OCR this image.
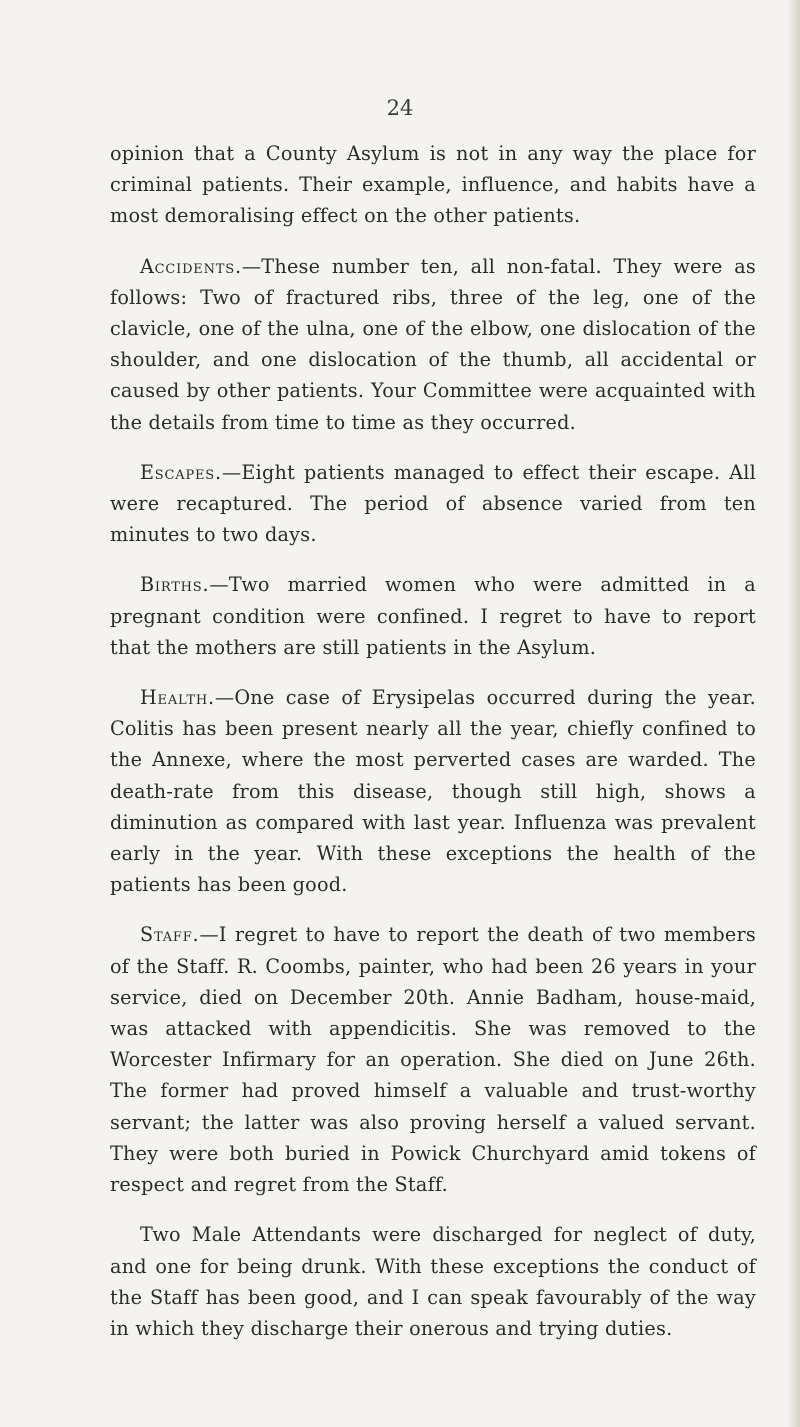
24

opinion that a County Asylum is not in any way the place for criminal patients. Their example, influence, and habits have a most demoralising effect on the other patients.

Accidents.—These number ten, all non-fatal. They were as follows: Two of fractured ribs, three of the leg, one of the clavicle, one of the ulna, one of the elbow, one dislocation of the shoulder, and one dislocation of the thumb, all accidental or caused by other patients. Your Committee were acquainted with the details from time to time as they occurred.

Escapes.—Eight patients managed to effect their escape. All were recaptured. The period of absence varied from ten minutes to two days.

Births.—Two married women who were admitted in a pregnant condition were confined. I regret to have to report that the mothers are still patients in the Asylum.

Health.—One case of Erysipelas occurred during the year. Colitis has been present nearly all the year, chiefly confined to the Annexe, where the most perverted cases are warded. The death-rate from this disease, though still high, shows a diminution as compared with last year. Influenza was prevalent early in the year. With these exceptions the health of the patients has been good.

Staff.—I regret to have to report the death of two members of the Staff. R. Coombs, painter, who had been 26 years in your service, died on December 20th. Annie Badham, house-maid, was attacked with appendicitis. She was removed to the Worcester Infirmary for an operation. She died on June 26th. The former had proved himself a valuable and trust-worthy servant; the latter was also proving herself a valued servant. They were both buried in Powick Churchyard amid tokens of respect and regret from the Staff.

Two Male Attendants were discharged for neglect of duty, and one for being drunk. With these exceptions the conduct of the Staff has been good, and I can speak favourably of the way in which they discharge their onerous and trying duties.
